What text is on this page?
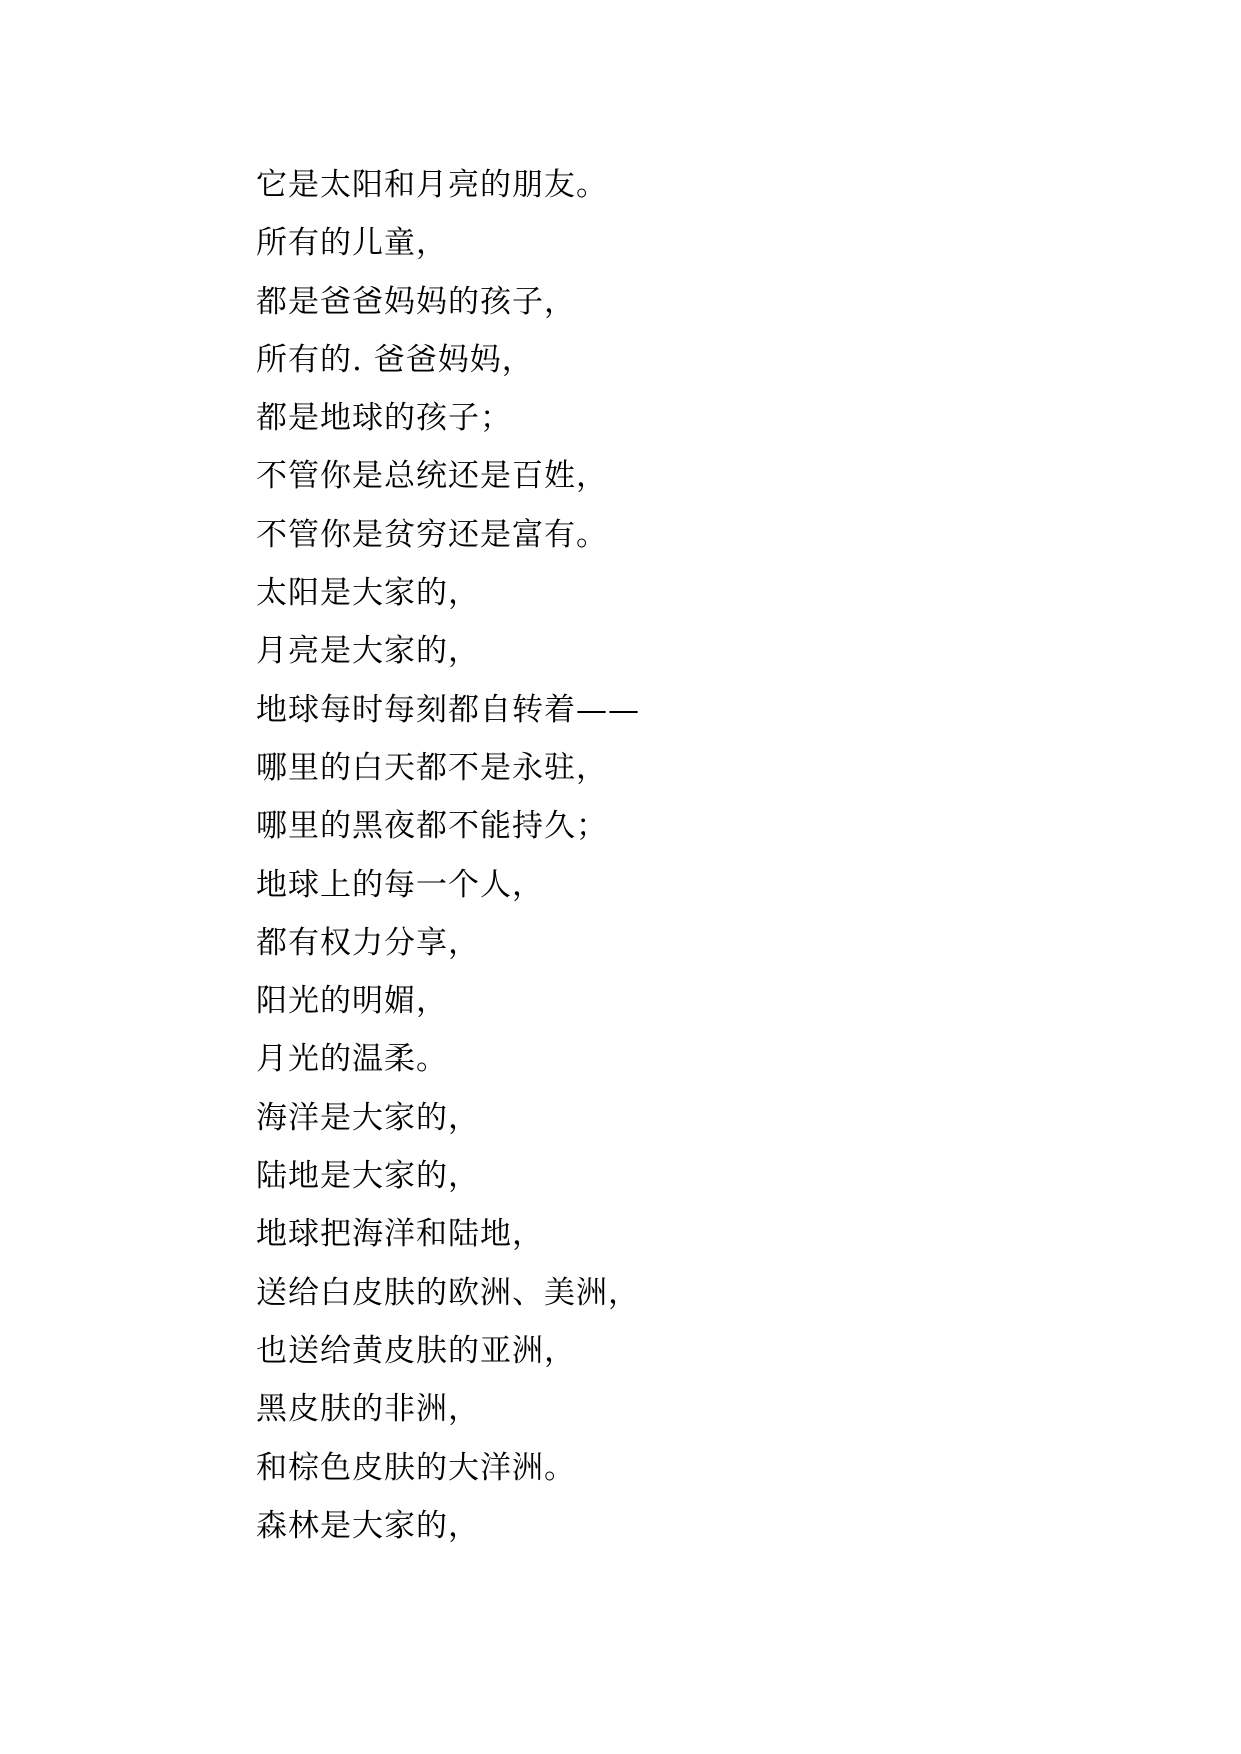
它是太阳和月亮的朋友。
所有的儿童，
都是爸爸妈妈的孩子，
所有的. 爸爸妈妈，
都是地球的孩子；
不管你是总统还是百姓，
不管你是贫穷还是富有。
太阳是大家的，
月亮是大家的，
地球每时每刻都自转着——
哪里的白天都不是永驻，
哪里的黑夜都不能持久；
地球上的每一个人，
都有权力分享，
阳光的明媚，
月光的温柔。
海洋是大家的，
陆地是大家的，
地球把海洋和陆地，
送给白皮肤的欧洲、美洲，
也送给黄皮肤的亚洲，
黑皮肤的非洲，
和棕色皮肤的大洋洲。
森林是大家的，
